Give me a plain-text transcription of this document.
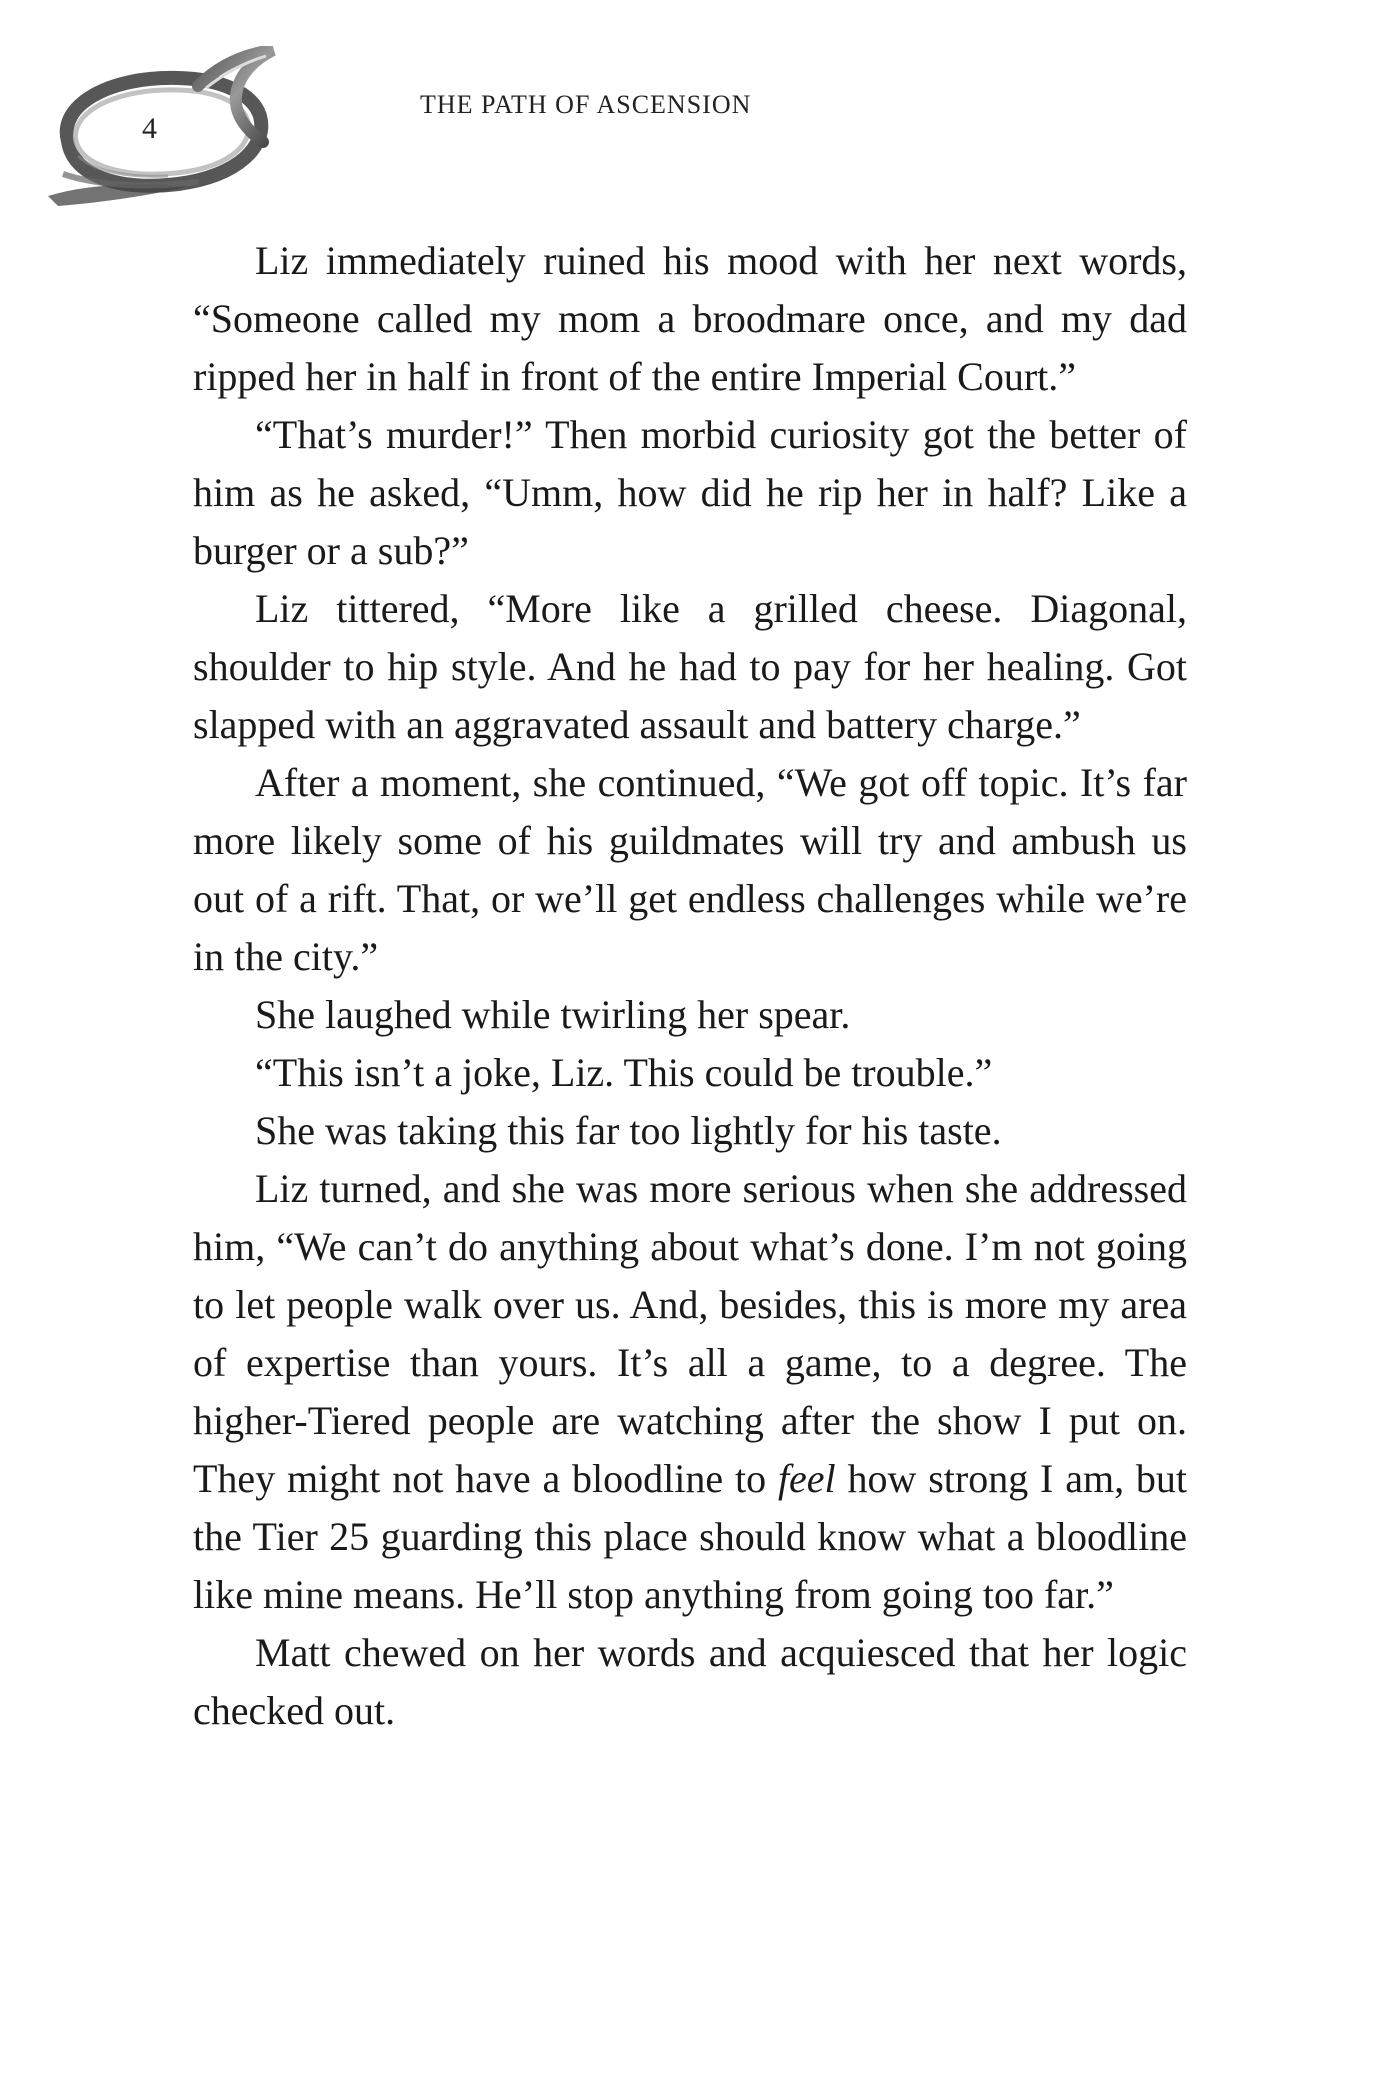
4
THE PATH OF ASCENSION

Liz immediately ruined his mood with her next words, “Someone called my mom a broodmare once, and my dad ripped her in half in front of the entire Imperial Court.”

“That’s murder!” Then morbid curiosity got the better of him as he asked, “Umm, how did he rip her in half? Like a burger or a sub?”

Liz tittered, “More like a grilled cheese. Diagonal, shoulder to hip style. And he had to pay for her healing. Got slapped with an aggravated assault and battery charge.”

After a moment, she continued, “We got off topic. It’s far more likely some of his guildmates will try and ambush us out of a rift. That, or we’ll get endless challenges while we’re in the city.”

She laughed while twirling her spear.

“This isn’t a joke, Liz. This could be trouble.”

She was taking this far too lightly for his taste.

Liz turned, and she was more serious when she addressed him, “We can’t do anything about what’s done. I’m not going to let people walk over us. And, besides, this is more my area of expertise than yours. It’s all a game, to a degree. The higher-Tiered people are watching after the show I put on. They might not have a bloodline to feel how strong I am, but the Tier 25 guarding this place should know what a bloodline like mine means. He’ll stop anything from going too far.”

Matt chewed on her words and acquiesced that her logic checked out.
